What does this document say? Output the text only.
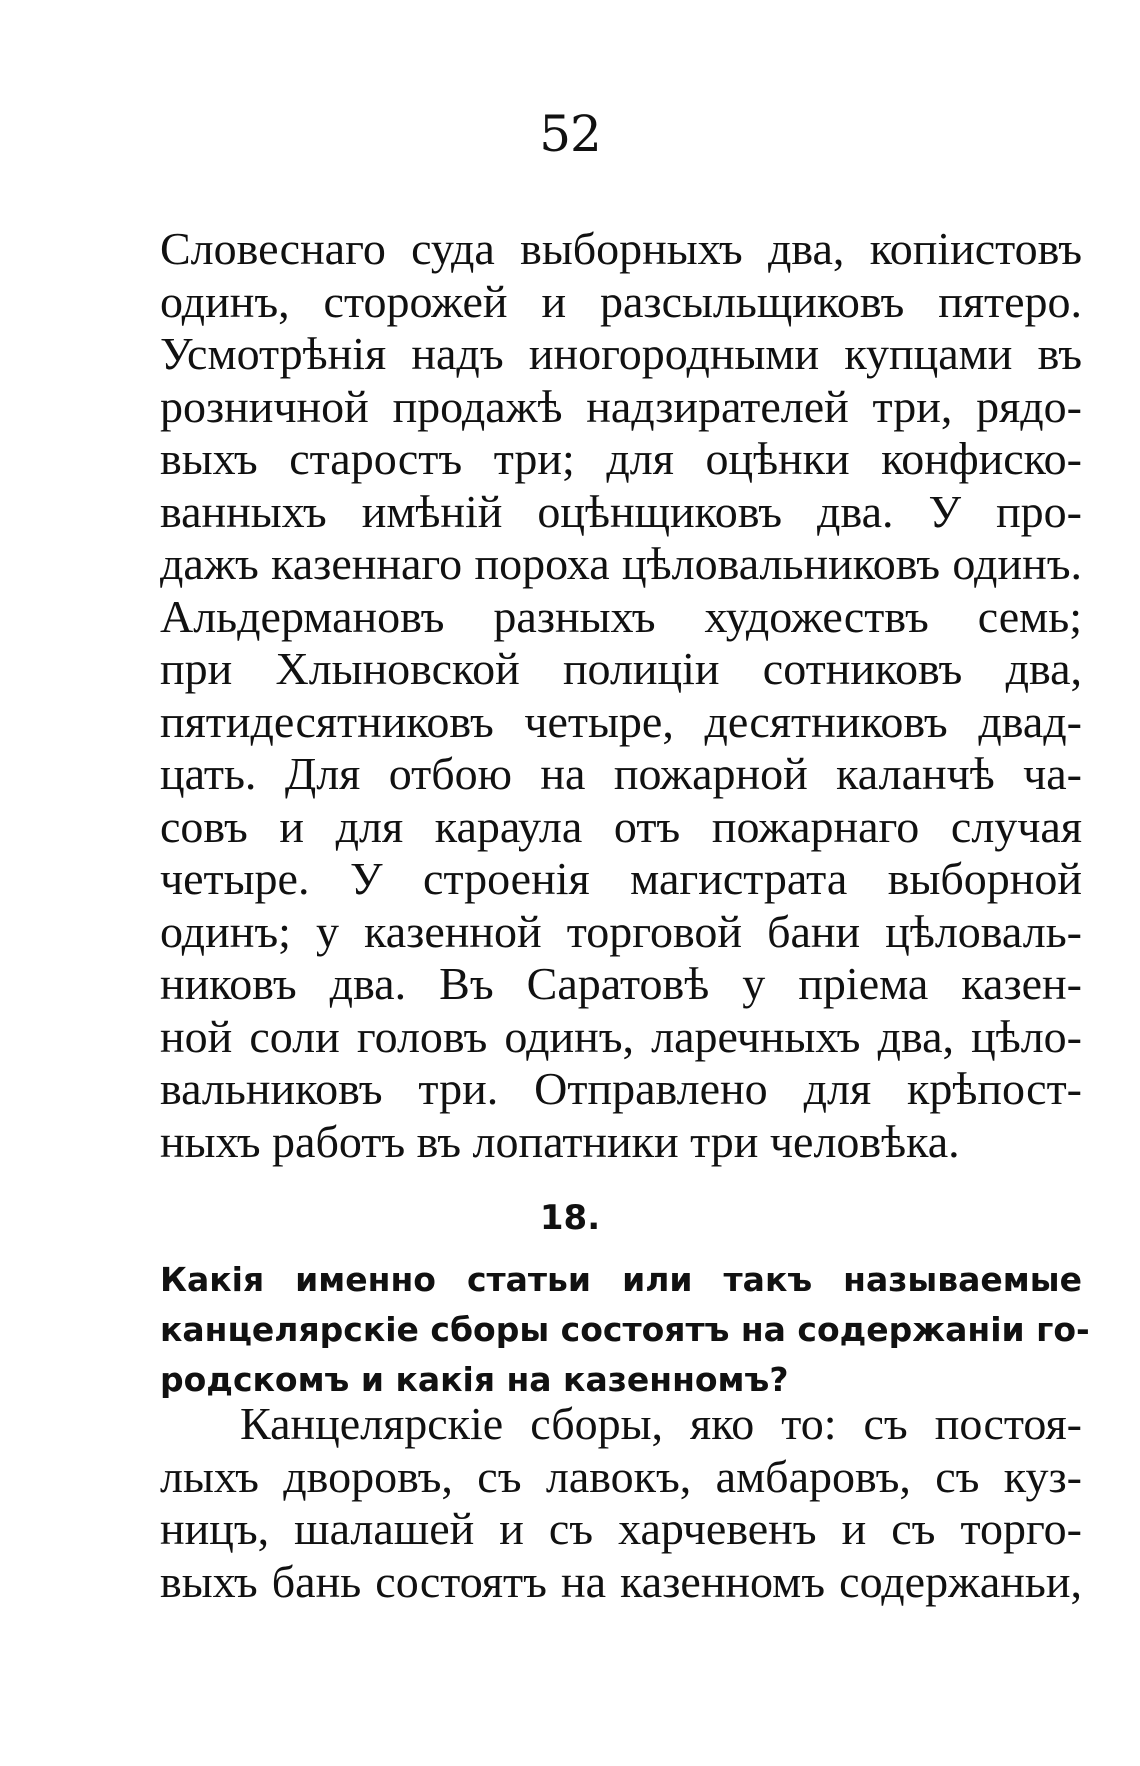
52
Словеснаго суда выборныхъ два, копiистовъ
одинъ, сторожей и разсыльщиковъ пятеро.
Усмотрѣнiя надъ иногородными купцами въ
розничной продажѣ надзирателей три, рядо-
выхъ старостъ три; для оцѣнки конфиско-
ванныхъ имѣнiй оцѣнщиковъ два. У про-
дажъ казеннаго пороха цѣловальниковъ одинъ.
Альдермановъ разныхъ художествъ семь;
при Хлыновской полицiи сотниковъ два,
пятидесятниковъ четыре, десятниковъ двад-
цать. Для отбою на пожарной каланчѣ ча-
совъ и для караула отъ пожарнаго случая
четыре. У строенiя магистрата выборной
одинъ; у казенной торговой бани цѣловаль-
никовъ два. Въ Саратовѣ у прiема казен-
ной соли головъ одинъ, ларечныхъ два, цѣло-
вальниковъ три. Отправлено для крѣпост-
ныхъ работъ въ лопатники три человѣка.
18.
Какiя именно статьи или такъ называемые
канцелярскiе сборы состоятъ на содержанiи го-
родскомъ и какiя на казенномъ?
Канцелярскiе сборы, яко то: съ постоя-
лыхъ дворовъ, съ лавокъ, амбаровъ, съ куз-
ницъ, шалашей и съ харчевенъ и съ торго-
выхъ бань состоятъ на казенномъ содержаньи,
